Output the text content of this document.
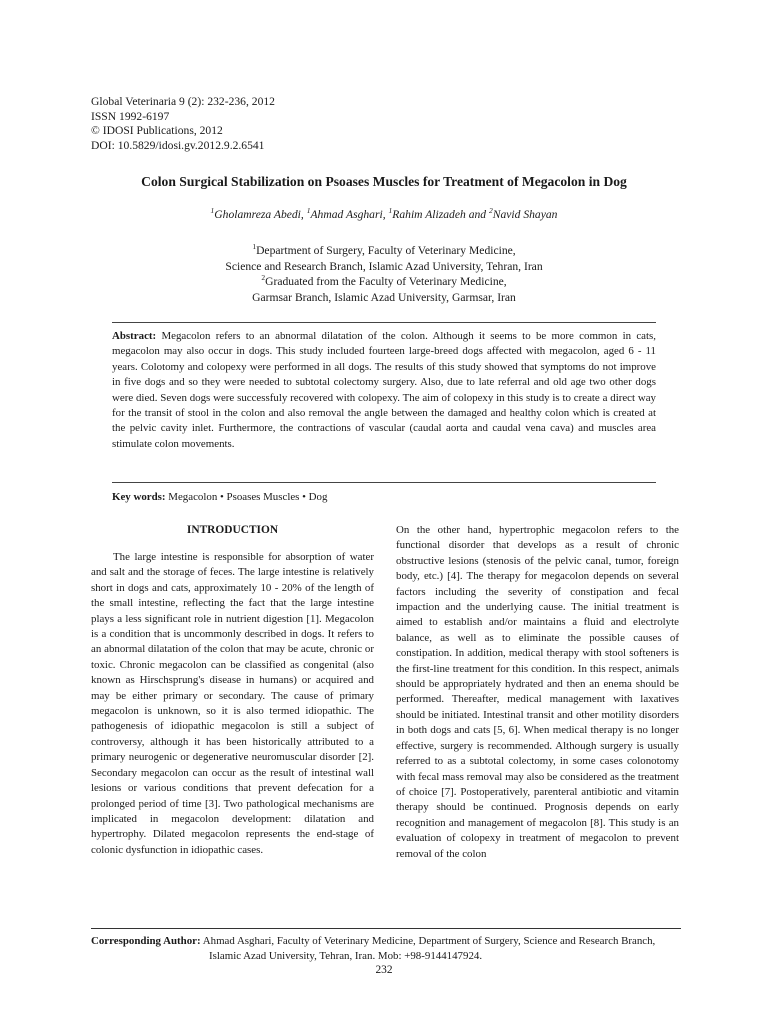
Global Veterinaria 9 (2): 232-236, 2012
ISSN 1992-6197
© IDOSI Publications, 2012
DOI: 10.5829/idosi.gv.2012.9.2.6541
Colon Surgical Stabilization on Psoases Muscles for Treatment of Megacolon in Dog
$^1$Gholamreza Abedi, $^1$Ahmad Asghari, $^1$Rahim Alizadeh and $^2$Navid Shayan
$^1$Department of Surgery, Faculty of Veterinary Medicine,
Science and Research Branch, Islamic Azad University, Tehran, Iran
$^2$Graduated from the Faculty of Veterinary Medicine,
Garmsar Branch, Islamic Azad University, Garmsar, Iran
Abstract: Megacolon refers to an abnormal dilatation of the colon. Although it seems to be more common in cats, megacolon may also occur in dogs. This study included fourteen large-breed dogs affected with megacolon, aged 6 - 11 years. Colotomy and colopexy were performed in all dogs. The results of this study showed that symptoms do not improve in five dogs and so they were needed to subtotal colectomy surgery. Also, due to late referral and old age two other dogs were died. Seven dogs were successfuly recovered with colopexy. The aim of colopexy in this study is to create a direct way for the transit of stool in the colon and also removal the angle between the damaged and healthy colon which is created at the pelvic cavity inlet. Furthermore, the contractions of vascular (caudal aorta and caudal vena cava) and muscles area stimulate colon movements.
Key words: Megacolon • Psoases Muscles • Dog
INTRODUCTION

The large intestine is responsible for absorption of water and salt and the storage of feces. The large intestine is relatively short in dogs and cats, approximately 10 - 20% of the length of the small intestine, reflecting the fact that the large intestine plays a less significant role in nutrient digestion [1]. Megacolon is a condition that is uncommonly described in dogs. It refers to an abnormal dilatation of the colon that may be acute, chronic or toxic. Chronic megacolon can be classified as congenital (also known as Hirschsprung's disease in humans) or acquired and may be either primary or secondary. The cause of primary megacolon is unknown, so it is also termed idiopathic. The pathogenesis of idiopathic megacolon is still a subject of controversy, although it has been historically attributed to a primary neurogenic or degenerative neuromuscular disorder [2]. Secondary megacolon can occur as the result of intestinal wall lesions or various conditions that prevent defecation for a prolonged period of time [3]. Two pathological mechanisms are implicated in megacolon development: dilatation and hypertrophy. Dilated megacolon represents the end-stage of colonic dysfunction in idiopathic cases.

On the other hand, hypertrophic megacolon refers to the functional disorder that develops as a result of chronic obstructive lesions (stenosis of the pelvic canal, tumor, foreign body, etc.) [4]. The therapy for megacolon depends on several factors including the severity of constipation and fecal impaction and the underlying cause. The initial treatment is aimed to establish and/or maintains a fluid and electrolyte balance, as well as to eliminate the possible causes of constipation. In addition, medical therapy with stool softeners is the first-line treatment for this condition. In this respect, animals should be appropriately hydrated and then an enema should be performed. Thereafter, medical management with laxatives should be initiated. Intestinal transit and other motility disorders in both dogs and cats [5, 6]. When medical therapy is no longer effective, surgery is recommended. Although surgery is usually referred to as a subtotal colectomy, in some cases colonotomy with fecal mass removal may also be considered as the treatment of choice [7]. Postoperatively, parenteral antibiotic and vitamin therapy should be continued. Prognosis depends on early recognition and management of megacolon [8]. This study is an evaluation of colopexy in treatment of megacolon to prevent removal of the colon

Corresponding Author: Ahmad Asghari, Faculty of Veterinary Medicine, Department of Surgery, Science and Research Branch,
Islamic Azad University, Tehran, Iran. Mob: +98-9144147924.
232
